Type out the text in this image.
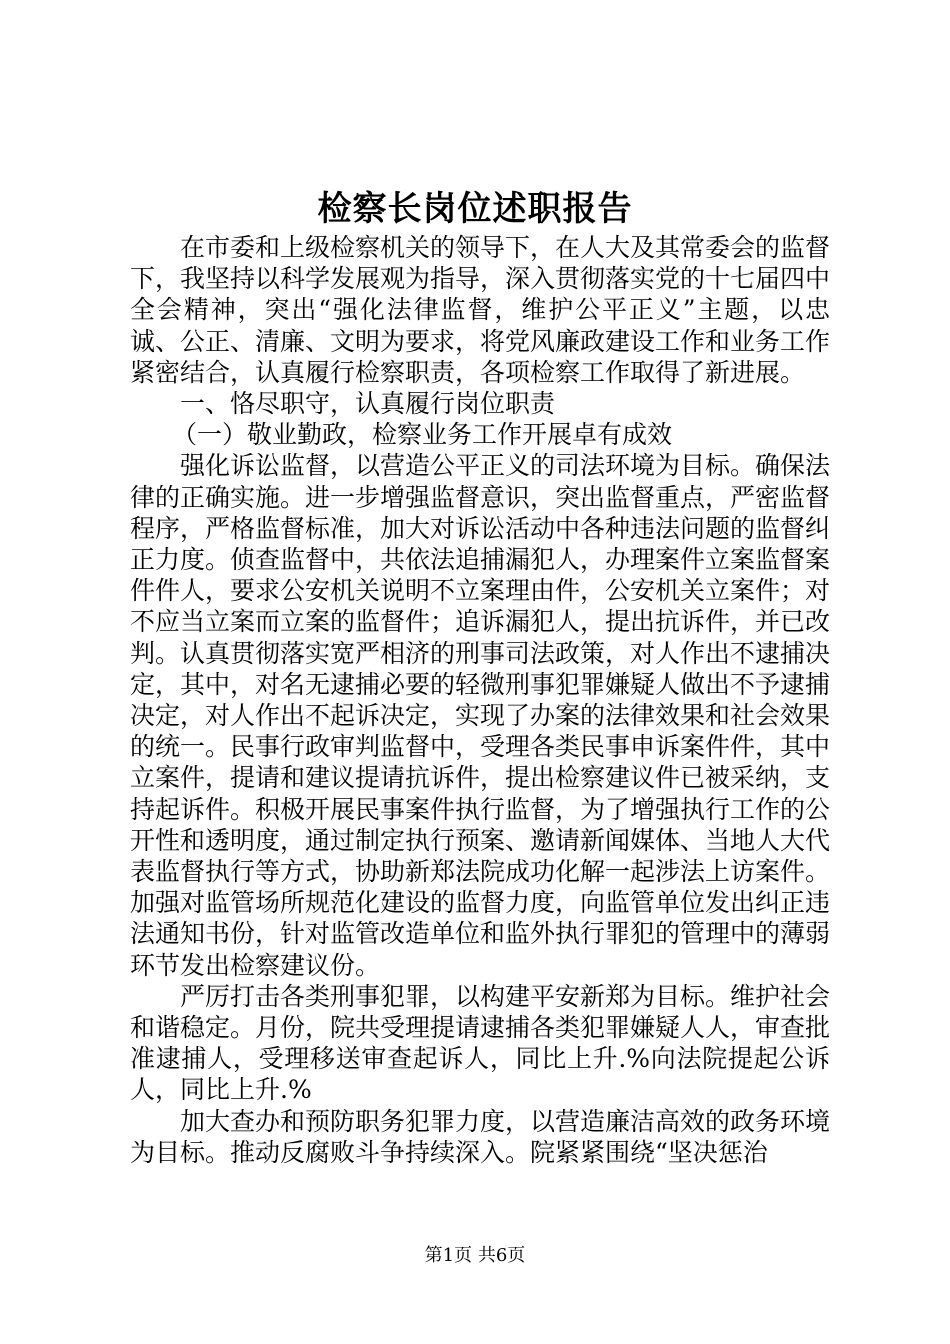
检察长岗位述职报告

在市委和上级检察机关的领导下，在人大及其常委会的监督下，我坚持以科学发展观为指导，深入贯彻落实党的十七届四中全会精神，突出“强化法律监督，维护公平正义”主题，以忠诚、公正、清廉、文明为要求，将党风廉政建设工作和业务工作紧密结合，认真履行检察职责，各项检察工作取得了新进展。

一、恪尽职守，认真履行岗位职责

（一）敬业勤政，检察业务工作开展卓有成效

强化诉讼监督，以营造公平正义的司法环境为目标。确保法律的正确实施。进一步增强监督意识，突出监督重点，严密监督程序，严格监督标准，加大对诉讼活动中各种违法问题的监督纠正力度。侦查监督中，共依法追捕漏犯人，办理案件立案监督案件件人，要求公安机关说明不立案理由件，公安机关立案件；对不应当立案而立案的监督件；追诉漏犯人，提出抗诉件，并已改判。认真贯彻落实宽严相济的刑事司法政策，对人作出不逮捕决定，其中，对名无逮捕必要的轻微刑事犯罪嫌疑人做出不予逮捕决定，对人作出不起诉决定，实现了办案的法律效果和社会效果的统一。民事行政审判监督中，受理各类民事申诉案件件，其中立案件，提请和建议提请抗诉件，提出检察建议件已被采纳，支持起诉件。积极开展民事案件执行监督，为了增强执行工作的公开性和透明度，通过制定执行预案、邀请新闻媒体、当地人大代表监督执行等方式，协助新郑法院成功化解一起涉法上访案件。加强对监管场所规范化建设的监督力度，向监管单位发出纠正违法通知书份，针对监管改造单位和监外执行罪犯的管理中的薄弱环节发出检察建议份。

严厉打击各类刑事犯罪，以构建平安新郑为目标。维护社会和谐稳定。月份，院共受理提请逮捕各类犯罪嫌疑人人，审查批准逮捕人，受理移送审查起诉人，同比上升.%向法院提起公诉人，同比上升.%

加大查办和预防职务犯罪力度，以营造廉洁高效的政务环境为目标。推动反腐败斗争持续深入。院紧紧围绕“坚决惩治

第1页 共6页
